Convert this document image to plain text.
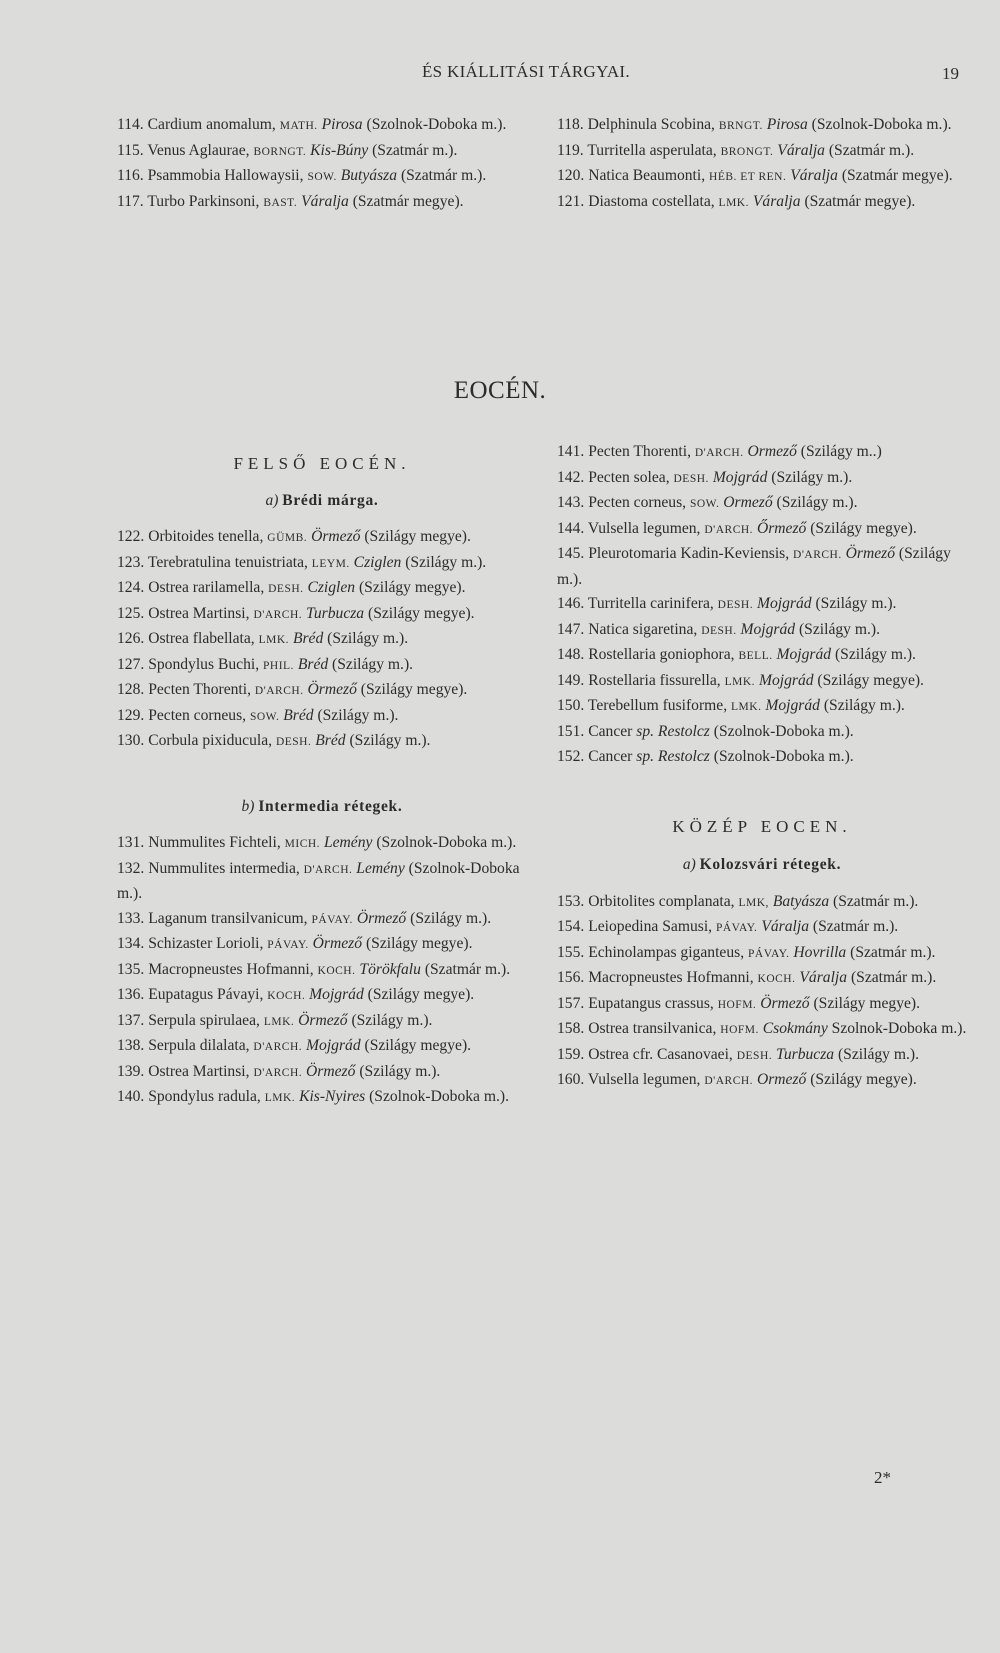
ÉS KIÁLLITÁSI TÁRGYAI.	19

114. Cardium anomalum, MATH. Pirosa (Szolnok-Doboka m.).

115. Venus Aglaurae, BORNGT. Kis-Búny (Szatmár m.).

116. Psammobia Hallowaysii, SOW. Butyásza (Szatmár m.).

117. Turbo Parkinsoni, BAST. Váralja (Szatmár megye).

118. Delphinula Scobina, BRNGT. Pirosa (Szolnok-Doboka m.).

119. Turritella asperulata, BRONGT. Váralja (Szatmár m.).

120. Natica Beaumonti, HÉB. ET REN. Váralja (Szatmár megye).

121. Diastoma costellata, LMK. Váralja (Szatmár megye).

EOCÉN.

FELSŐ EOCÉN.

a) Brédi márga.

122. Orbitoides tenella, GÜMB. Örmező (Szilágy megye).

123. Terebratulina tenuistriata, LEYM. Cziglen (Szilágy m.).

124. Ostrea rarilamella, DESH. Cziglen (Szilágy megye).

125. Ostrea Martinsi, D'ARCH. Turbucza (Szilágy megye).

126. Ostrea flabellata, LMK. Bréd (Szilágy m.).

127. Spondylus Buchi, PHIL. Bréd (Szilágy m.).

128. Pecten Thorenti, D'ARCH. Örmező (Szilágy megye).

129. Pecten corneus, SOW. Bréd (Szilágy m.).

130. Corbula pixiducula, DESH. Bréd (Szilágy m.).

b) Intermedia rétegek.

131. Nummulites Fichteli, MICH. Lemény (Szolnok-Doboka m.).

132. Nummulites intermedia, D'ARCH. Lemény (Szolnok-Doboka m.).

133. Laganum transilvanicum, PÁVAY. Örmező (Szilágy m.).

134. Schizaster Lorioli, PÁVAY. Örmező (Szilágy megye).

135. Macropneustes Hofmanni, KOCH. Törökfalu (Szatmár m.).

136. Eupatagus Pávayi, KOCH. Mojgrád (Szilágy megye).

137. Serpula spirulaea, LMK. Örmező (Szilágy m.).

138. Serpula dilalata, D'ARCH. Mojgrád (Szilágy megye).

139. Ostrea Martinsi, D'ARCH. Örmező (Szilágy m.).

140. Spondylus radula, LMK. Kis-Nyires (Szolnok-Doboka m.).

141. Pecten Thorenti, D'ARCH. Ormező (Szilágy m..)

142. Pecten solea, DESH. Mojgrád (Szilágy m.).

143. Pecten corneus, SOW. Ormező (Szilágy m.).

144. Vulsella legumen, D'ARCH. Őrmező (Szilágy megye).

145. Pleurotomaria Kadin-Keviensis, D'ARCH. Örmező (Szilágy m.).

146. Turritella carinifera, DESH. Mojgrád (Szilágy m.).

147. Natica sigaretina, DESH. Mojgrád (Szilágy m.).

148. Rostellaria goniophora, BELL. Mojgrád (Szilágy m.).

149. Rostellaria fissurella, LMK. Mojgrád (Szilágy megye).

150. Terebellum fusiforme, LMK. Mojgrád (Szilágy m.).

151. Cancer sp. Restolcz (Szolnok-Doboka m.).

152. Cancer sp. Restolcz (Szolnok-Doboka m.).

KÖZÉP EOCEN.

a) Kolozsvári rétegek.

153. Orbitolites complanata, LMK, Batyásza (Szatmár m.).

154. Leiopedina Samusi, PÁVAY. Váralja (Szatmár m.).

155. Echinolampas giganteus, PÁVAY. Hovrilla (Szatmár m.).

156. Macropneustes Hofmanni, KOCH. Váralja (Szatmár m.).

157. Eupatangus crassus, HOFM. Örmező (Szilágy megye).

158. Ostrea transilvanica, HOFM. Csokmány Szolnok-Doboka m.).

159. Ostrea cfr. Casanovaei, DESH. Turbucza (Szilágy m.).

160. Vulsella legumen, D'ARCH. Ormező (Szilágy megye).

2*
